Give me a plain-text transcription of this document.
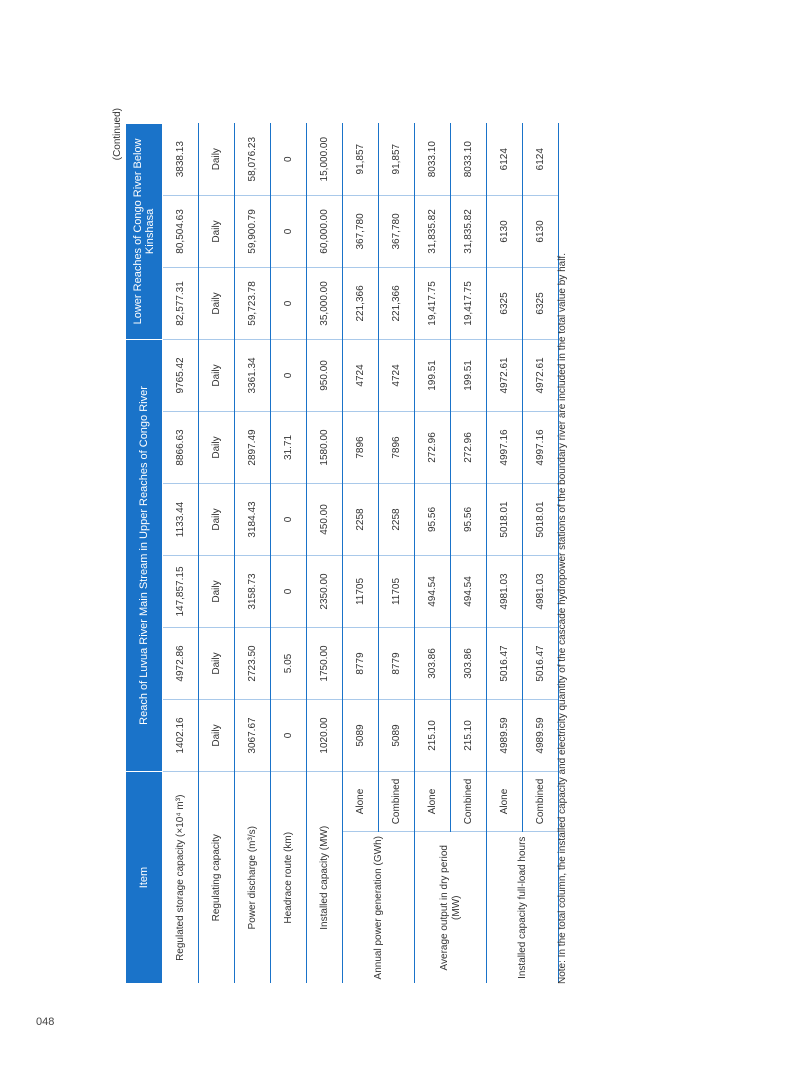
048
(Continued)
Item		Reach of Luvua River Main Stream in Upper Reaches of Congo River						Lower Reaches of Congo River Below Kinshasa		
Regulated storage capacity (×10⁴ m³)		1402.16	4972.86	147,857.15	1133.44	8866.63	9765.42	82,577.31	80,504.63	3838.13
Regulating capacity		Daily	Daily	Daily	Daily	Daily	Daily	Daily	Daily	Daily
Power discharge (m³/s)		3067.67	2723.50	3158.73	3184.43	2897.49	3361.34	59,723.78	59,900.79	58,076.23
Headrace route (km)		0	5.05	0	0	31.71	0	0	0	0
Installed capacity (MW)		1020.00	1750.00	2350.00	450.00	1580.00	950.00	35,000.00	60,000.00	15,000.00
Annual power generation (GWh)	Alone	5089	8779	11705	2258	7896	4724	221,366	367,780	91,857
	Combined	5089	8779	11705	2258	7896	4724	221,366	367,780	91,857
Average output in dry period (MW)	Alone	215.10	303.86	494.54	95.56	272.96	199.51	19,417.75	31,835.82	8033.10
	Combined	215.10	303.86	494.54	95.56	272.96	199.51	19,417.75	31,835.82	8033.10
Installed capacity full-load hours	Alone	4989.59	5016.47	4981.03	5018.01	4997.16	4972.61	6325	6130	6124
	Combined	4989.59	5016.47	4981.03	5018.01	4997.16	4972.61	6325	6130	6124
Note: In the total column, the installed capacity and electricity quantity of the cascade hydropower stations of the boundary river are included in the total value by half.
